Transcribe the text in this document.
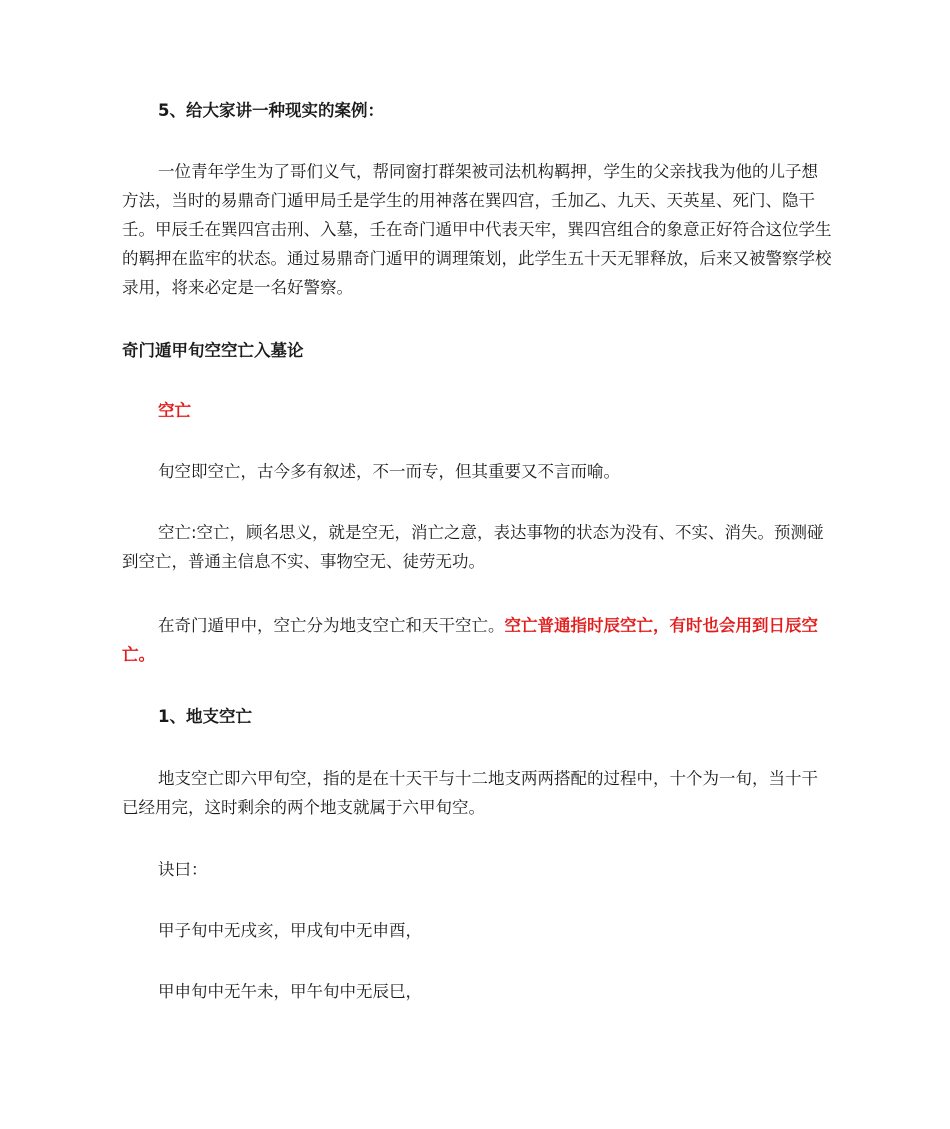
5、给大家讲一种现实的案例：

一位青年学生为了哥们义气，帮同窗打群架被司法机构羁押，学生的父亲找我为他的儿子想方法，当时的易鼎奇门遁甲局壬是学生的用神落在巽四宫，壬加乙、九天、天英星、死门、隐干壬。甲辰壬在巽四宫击刑、入墓，壬在奇门遁甲中代表天牢，巽四宫组合的象意正好符合这位学生的羁押在监牢的状态。通过易鼎奇门遁甲的调理策划，此学生五十天无罪释放，后来又被警察学校录用，将来必定是一名好警察。

奇门遁甲旬空空亡入墓论

空亡

旬空即空亡，古今多有叙述，不一而专，但其重要又不言而喻。

空亡:空亡，顾名思义，就是空无，消亡之意，表达事物的状态为没有、不实、消失。预测碰到空亡，普通主信息不实、事物空无、徒劳无功。

在奇门遁甲中，空亡分为地支空亡和天干空亡。空亡普通指时辰空亡，有时也会用到日辰空亡。

1、地支空亡

地支空亡即六甲旬空，指的是在十天干与十二地支两两搭配的过程中，十个为一旬，当十干已经用完，这时剩余的两个地支就属于六甲旬空。

诀曰：

甲子旬中无戌亥，甲戌旬中无申酉，

甲申旬中无午未，甲午旬中无辰巳，
